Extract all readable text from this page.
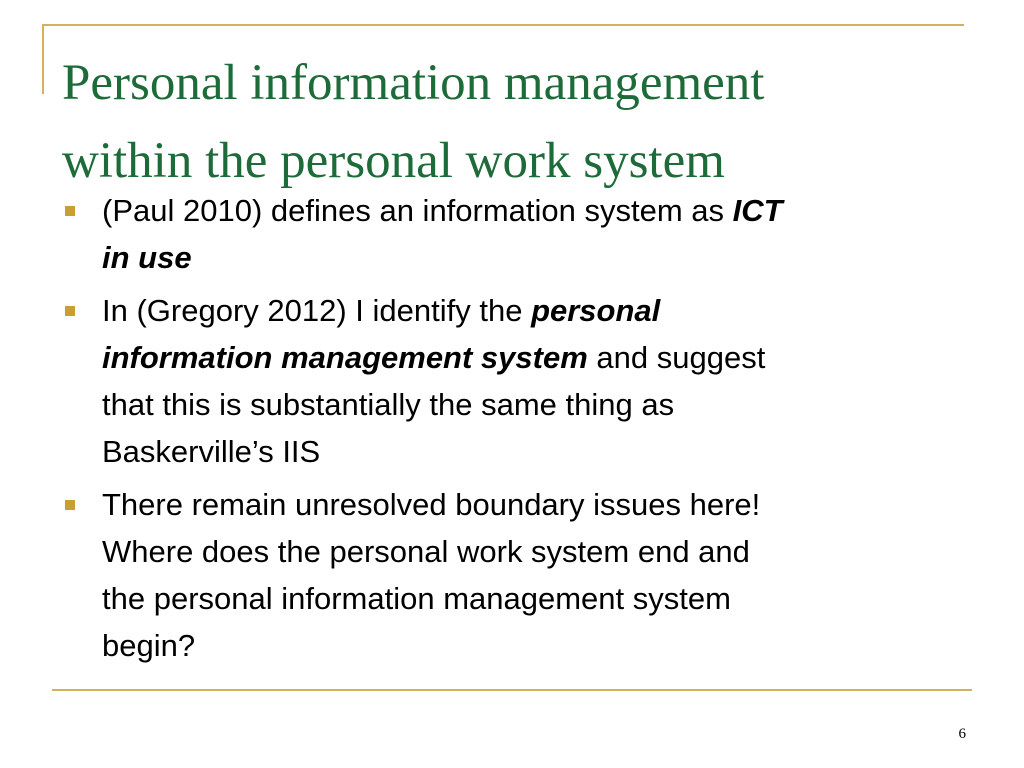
Personal information management
within the personal work system
(Paul 2010) defines an information system as ICT
in use
In (Gregory 2012) I identify the personal
information management system and suggest
that this is substantially the same thing as
Baskerville’s IIS
There remain unresolved boundary issues here!
Where does the personal work system end and
the personal information management system
begin?
6
